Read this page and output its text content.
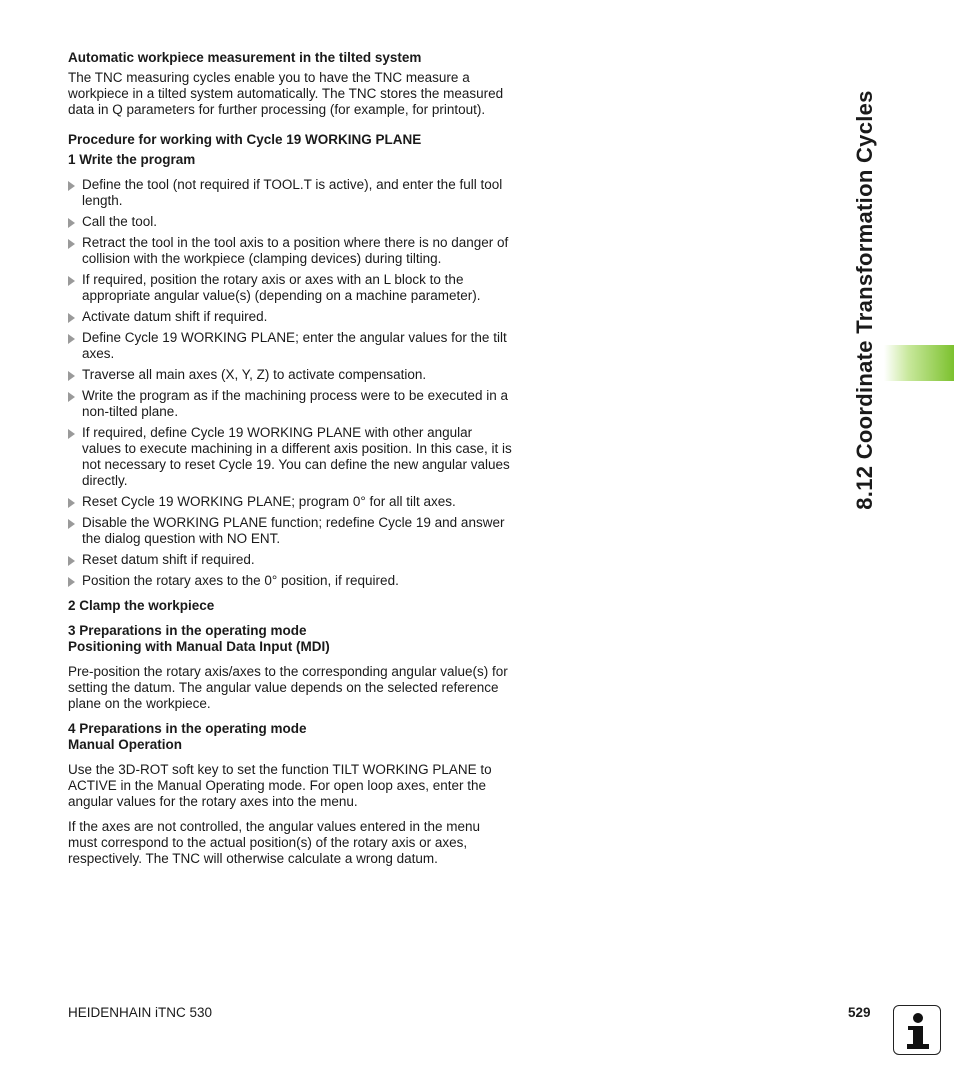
Automatic workpiece measurement in the tilted system

The TNC measuring cycles enable you to have the TNC measure a workpiece in a tilted system automatically. The TNC stores the measured data in Q parameters for further processing (for example, for printout).

Procedure for working with Cycle 19 WORKING PLANE

1 Write the program

Define the tool (not required if TOOL.T is active), and enter the full tool length.
Call the tool.
Retract the tool in the tool axis to a position where there is no danger of collision with the workpiece (clamping devices) during tilting.
If required, position the rotary axis or axes with an L block to the appropriate angular value(s) (depending on a machine parameter).
Activate datum shift if required.
Define Cycle 19 WORKING PLANE; enter the angular values for the tilt axes.
Traverse all main axes (X, Y, Z) to activate compensation.
Write the program as if the machining process were to be executed in a non-tilted plane.
If required, define Cycle 19 WORKING PLANE with other angular values to execute machining in a different axis position. In this case, it is not necessary to reset Cycle 19. You can define the new angular values directly.
Reset Cycle 19 WORKING PLANE; program 0° for all tilt axes.
Disable the WORKING PLANE function; redefine Cycle 19 and answer the dialog question with NO ENT.
Reset datum shift if required.
Position the rotary axes to the 0° position, if required.

2 Clamp the workpiece

3 Preparations in the operating mode

Positioning with Manual Data Input (MDI)

Pre-position the rotary axis/axes to the corresponding angular value(s) for setting the datum. The angular value depends on the selected reference plane on the workpiece.

4 Preparations in the operating mode

Manual Operation

Use the 3D-ROT soft key to set the function TILT WORKING PLANE to ACTIVE in the Manual Operating mode. For open loop axes, enter the angular values for the rotary axes into the menu.

If the axes are not controlled, the angular values entered in the menu must correspond to the actual position(s) of the rotary axis or axes, respectively. The TNC will otherwise calculate a wrong datum.

8.12 Coordinate Transformation Cycles
HEIDENHAIN iTNC 530	529
